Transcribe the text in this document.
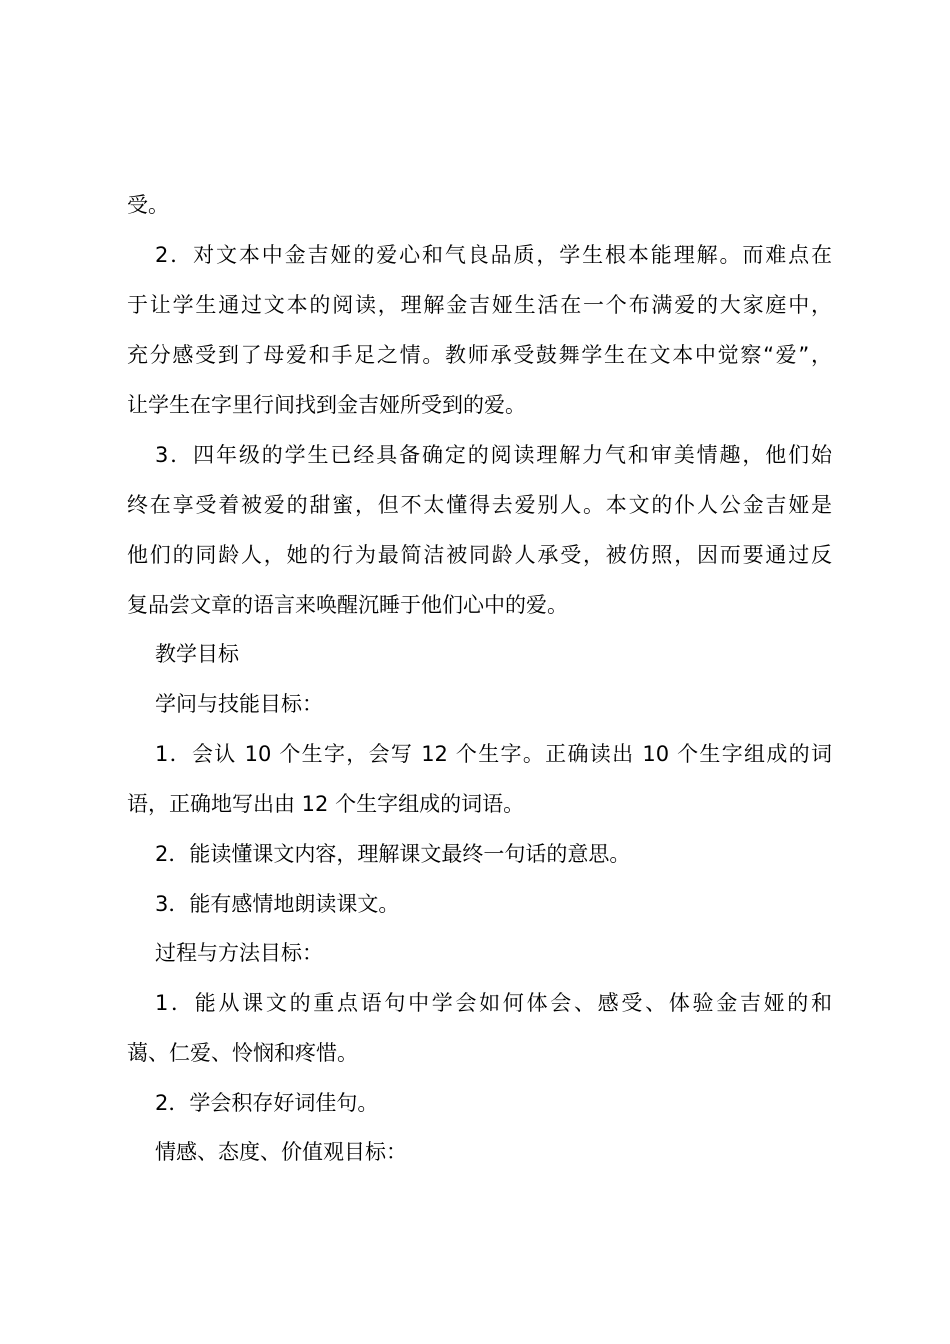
受。
2．对文本中金吉娅的爱心和气良品质，学生根本能理解。而难点在
于让学生通过文本的阅读，理解金吉娅生活在一个布满爱的大家庭中，
充分感受到了母爱和手足之情。教师承受鼓舞学生在文本中觉察“爱”，
让学生在字里行间找到金吉娅所受到的爱。
3．四年级的学生已经具备确定的阅读理解力气和审美情趣，他们始
终在享受着被爱的甜蜜，但不太懂得去爱别人。本文的仆人公金吉娅是
他们的同龄人，她的行为最简洁被同龄人承受，被仿照，因而要通过反
复品尝文章的语言来唤醒沉睡于他们心中的爱。
教学目标
学问与技能目标：
1．会认 10 个生字，会写 12 个生字。正确读出 10 个生字组成的词
语，正确地写出由 12 个生字组成的词语。
2．能读懂课文内容，理解课文最终一句话的意思。
3．能有感情地朗读课文。
过程与方法目标：
1．能从课文的重点语句中学会如何体会、感受、体验金吉娅的和
蔼、仁爱、怜悯和疼惜。
2．学会积存好词佳句。
情感、态度、价值观目标：
